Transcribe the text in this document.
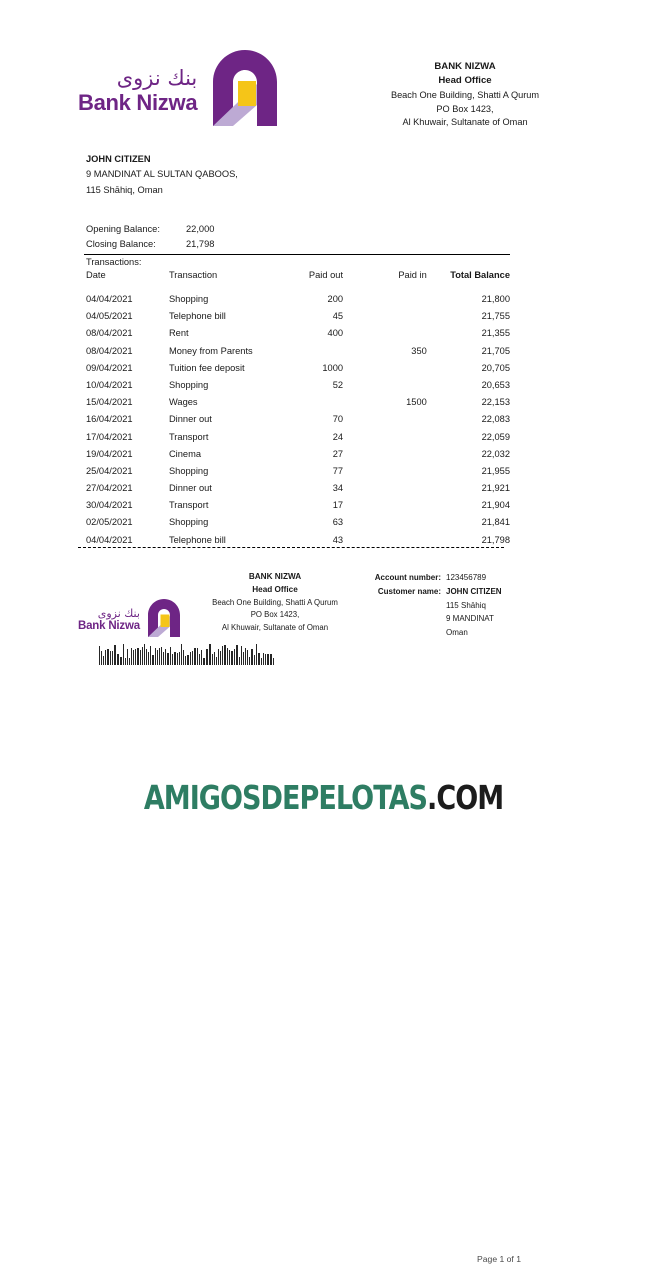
بنك نزوى
Bank Nizwa
BANK NIZWA
Head Office
Beach One Building, Shatti A Qurum
PO Box 1423,
Al Khuwair, Sultanate of Oman
JOHN CITIZEN
9 MANDINAT AL SULTAN QABOOS,
115 Shāhiq, Oman
Opening Balance:	22,000
Closing Balance:	21,798
Transactions:
Date	Transaction	Paid out	Paid in	Total Balance
04/04/2021	Shopping	200		21,800
04/05/2021	Telephone bill	45		21,755
08/04/2021	Rent	400		21,355
08/04/2021	Money from Parents		350	21,705
09/04/2021	Tuition fee deposit	1000		20,705
10/04/2021	Shopping	52		20,653
15/04/2021	Wages		1500	22,153
16/04/2021	Dinner out	70		22,083
17/04/2021	Transport	24		22,059
19/04/2021	Cinema	27		22,032
25/04/2021	Shopping	77		21,955
27/04/2021	Dinner out	34		21,921
30/04/2021	Transport	17		21,904
02/05/2021	Shopping	63		21,841
04/04/2021	Telephone bill	43		21,798
بنك نزوى
Bank Nizwa
BANK NIZWA
Head Office
Beach One Building, Shatti A Qurum
PO Box 1423,
Al Khuwair, Sultanate of Oman
Account number: 123456789
Customer name: JOHN CITIZEN
115 Shāhiq
9 MANDINAT
Oman
Page 1 of 1
AMIGOSDEPELOTAS.COM
